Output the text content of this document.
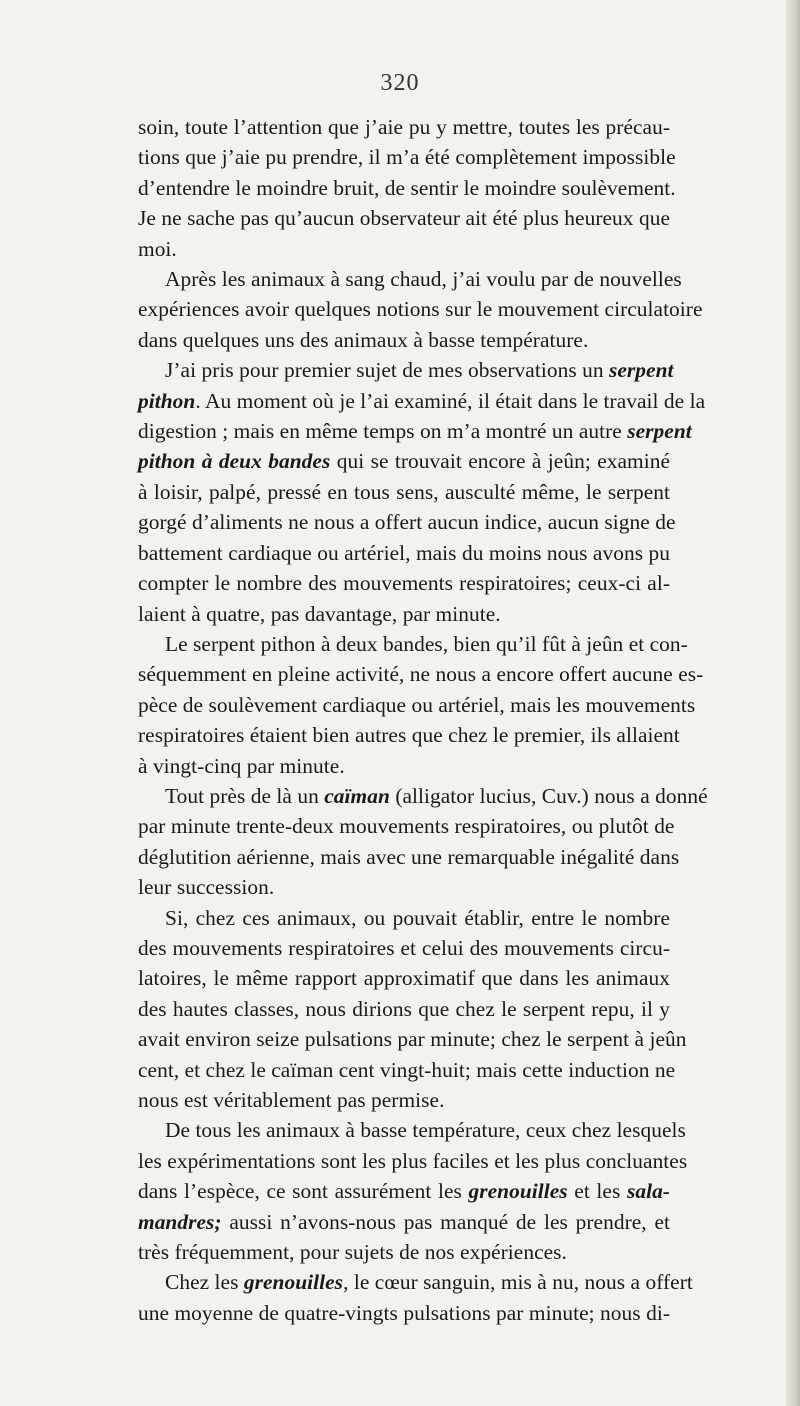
320
soin, toute l’attention que j’aie pu y mettre, toutes les précau-
tions que j’aie pu prendre, il m’a été complètement impossible
d’entendre le moindre bruit, de sentir le moindre soulèvement.
Je ne sache pas qu’aucun observateur ait été plus heureux que
moi.
Après les animaux à sang chaud, j’ai voulu par de nouvelles
expériences avoir quelques notions sur le mouvement circulatoire
dans quelques uns des animaux à basse température.
J’ai pris pour premier sujet de mes observations un serpent
pithon. Au moment où je l’ai examiné, il était dans le travail de la
digestion ; mais en même temps on m’a montré un autre serpent
pithon à deux bandes qui se trouvait encore à jeûn; examiné
à loisir, palpé, pressé en tous sens, ausculté même, le serpent
gorgé d’aliments ne nous a offert aucun indice, aucun signe de
battement cardiaque ou artériel, mais du moins nous avons pu
compter le nombre des mouvements respiratoires; ceux-ci al-
laient à quatre, pas davantage, par minute.
Le serpent pithon à deux bandes, bien qu’il fût à jeûn et con-
séquemment en pleine activité, ne nous a encore offert aucune es-
pèce de soulèvement cardiaque ou artériel, mais les mouvements
respiratoires étaient bien autres que chez le premier, ils allaient
à vingt-cinq par minute.
Tout près de là un caïman (alligator lucius, Cuv.) nous a donné
par minute trente-deux mouvements respiratoires, ou plutôt de
déglutition aérienne, mais avec une remarquable inégalité dans
leur succession.
Si, chez ces animaux, ou pouvait établir, entre le nombre
des mouvements respiratoires et celui des mouvements circu-
latoires, le même rapport approximatif que dans les animaux
des hautes classes, nous dirions que chez le serpent repu, il y
avait environ seize pulsations par minute; chez le serpent à jeûn
cent, et chez le caïman cent vingt-huit; mais cette induction ne
nous est véritablement pas permise.
De tous les animaux à basse température, ceux chez lesquels
les expérimentations sont les plus faciles et les plus concluantes
dans l’espèce, ce sont assurément les grenouilles et les sala-
mandres; aussi n’avons-nous pas manqué de les prendre, et
très fréquemment, pour sujets de nos expériences.
Chez les grenouilles, le cœur sanguin, mis à nu, nous a offert
une moyenne de quatre-vingts pulsations par minute; nous di-
